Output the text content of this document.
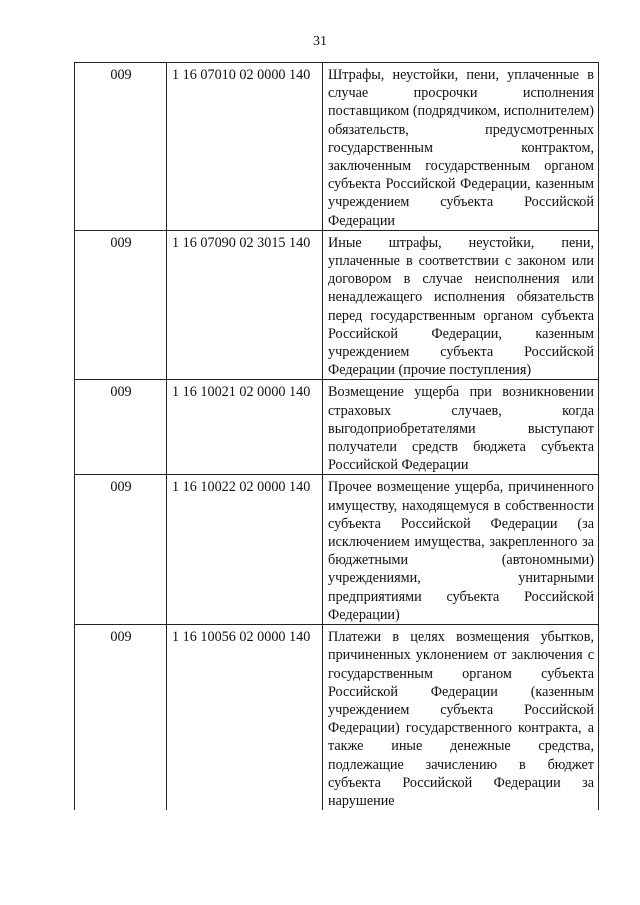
31
009	1 16 07010 02 0000 140	Штрафы, неустойки, пени, уплаченные в случае просрочки исполнения поставщиком (подрядчиком, исполнителем) обязательств, предусмотренных государственным контрактом, заключенным государственным органом субъекта Российской Федерации, казенным учреждением субъекта Российской Федерации
009	1 16 07090 02 3015 140	Иные штрафы, неустойки, пени, уплаченные в соответствии с законом или договором в случае неисполнения или ненадлежащего исполнения обязательств перед государственным органом субъекта Российской Федерации, казенным учреждением субъекта Российской Федерации (прочие поступления)
009	1 16 10021 02 0000 140	Возмещение ущерба при возникновении страховых случаев, когда выгодоприобретателями выступают получатели средств бюджета субъекта Российской Федерации
009	1 16 10022 02 0000 140	Прочее возмещение ущерба, причиненного имуществу, находящемуся в собственности субъекта Российской Федерации (за исключением имущества, закрепленного за бюджетными (автономными) учреждениями, унитарными предприятиями субъекта Российской Федерации)
009	1 16 10056 02 0000 140	Платежи в целях возмещения убытков, причиненных уклонением от заключения с государственным органом субъекта Российской Федерации (казенным учреждением субъекта Российской Федерации) государственного контракта, а также иные денежные средства, подлежащие зачислению в бюджет субъекта Российской Федерации за нарушение
